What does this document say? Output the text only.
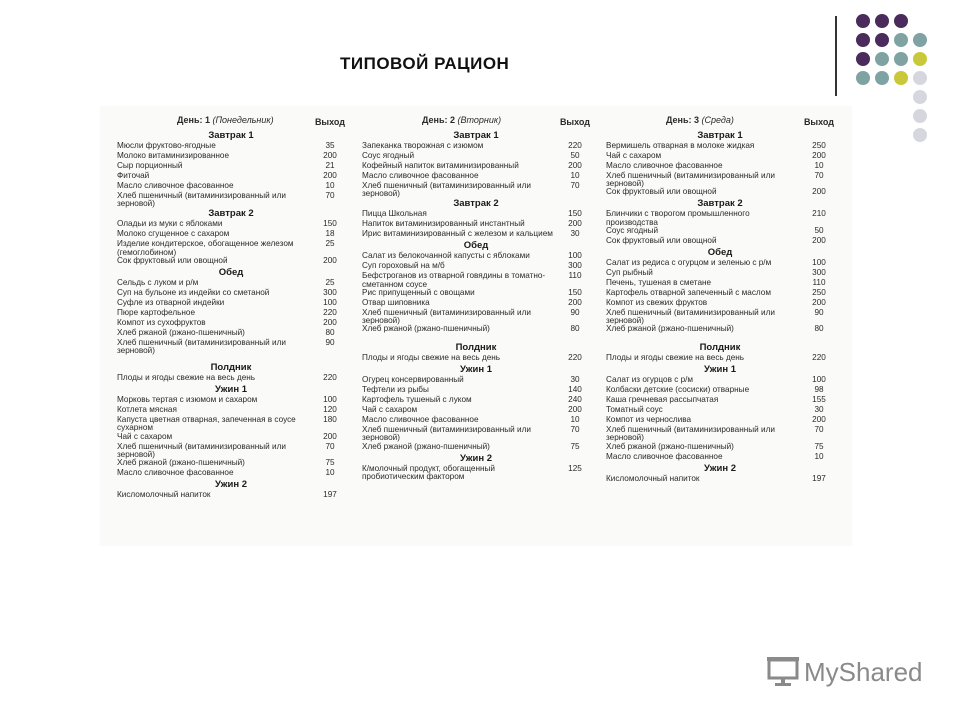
ТИПОВОЙ РАЦИОН
День: 1 (Понедельник)	Выход
Завтрак 1
Мюсли фруктово-ягодные	35
Молоко витаминизированное	200
Сыр порционный	21
Фиточай	200
Масло сливочное фасованное	10
Хлеб пшеничный (витаминизированный или зерновой)
70
Завтрак 2
Оладьи из муки с яблоками	150
Молоко сгущенное с сахаром	18
Изделие кондитерское, обогащенное железом (гемоглобином)
25
Сок фруктовый или овощной	200
Обед
Сельдь с луком и р/м	25
Суп на бульоне из индейки со сметаной	300
Суфле из отварной индейки	100
Пюре картофельное	220
Компот из сухофруктов	200
Хлеб ржаной (ржано-пшеничный)	80
Хлеб пшеничный (витаминизированный или зерновой)
90
Полдник
Плоды и ягоды свежие на весь день	220
Ужин 1
Морковь тертая с изюмом и сахаром	100
Котлета мясная	120
Капуста цветная отварная, запеченная в соусе сухарном
180
Чай с сахаром	200
Хлеб пшеничный (витаминизированный или зерновой)
70
Хлеб ржаной (ржано-пшеничный)	75
Масло сливочное фасованное	10
Ужин 2
Кисломолочный напиток	197
День: 2 (Вторник)	Выход
Завтрак 1
Запеканка творожная с изюмом	220
Соус ягодный	50
Кофейный напиток витаминизированный	200
Масло сливочное фасованное	10
Хлеб пшеничный (витаминизированный или зерновой)
70
Завтрак 2
Пицца Школьная	150
Напиток витаминизированный инстантный	200
Ирис витаминизированный с железом и кальцием	30
Обед
Салат из белокочанной капусты с яблоками	100
Суп гороховый на м/б	300
Бефстроганов из отварной говядины в томатно-сметанном соусе
110
Рис припущенный с овощами	150
Отвар шиповника	200
Хлеб пшеничный (витаминизированный или зерновой)
90
Хлеб ржаной (ржано-пшеничный)	80
Полдник
Плоды и ягоды свежие на весь день	220
Ужин 1
Огурец консервированный	30
Тефтели из рыбы	140
Картофель тушеный с луком	240
Чай с сахаром	200
Масло сливочное фасованное	10
Хлеб пшеничный (витаминизированный или зерновой)
70
Хлеб ржаной (ржано-пшеничный)	75
Ужин 2
К/молочный продукт, обогащенный пробиотическим фактором
125
День: 3 (Среда)	Выход
Завтрак 1
Вермишель отварная в молоке жидкая	250
Чай с сахаром	200
Масло сливочное фасованное	10
Хлеб пшеничный (витаминизированный или зерновой)
70
Сок фруктовый или овощной	200
Завтрак 2
Блинчики с творогом промышленного производства
210
Соус ягодный	50
Сок фруктовый или овощной	200
Обед
Салат из редиса с огурцом и зеленью с р/м	100
Суп рыбный	300
Печень, тушеная в сметане	110
Картофель отварной запеченный с маслом	250
Компот из свежих фруктов	200
Хлеб пшеничный (витаминизированный или зерновой)
90
Хлеб ржаной (ржано-пшеничный)	80
Полдник
Плоды и ягоды свежие на весь день	220
Ужин 1
Салат из огурцов с р/м	100
Колбаски детские (сосиски) отварные	98
Каша гречневая рассыпчатая	155
Томатный соус	30
Компот из чернослива	200
Хлеб пшеничный (витаминизированный или зерновой)
70
Хлеб ржаной (ржано-пшеничный)	75
Масло сливочное фасованное	10
Ужин 2
Кисломолочный напиток	197
MyShared
